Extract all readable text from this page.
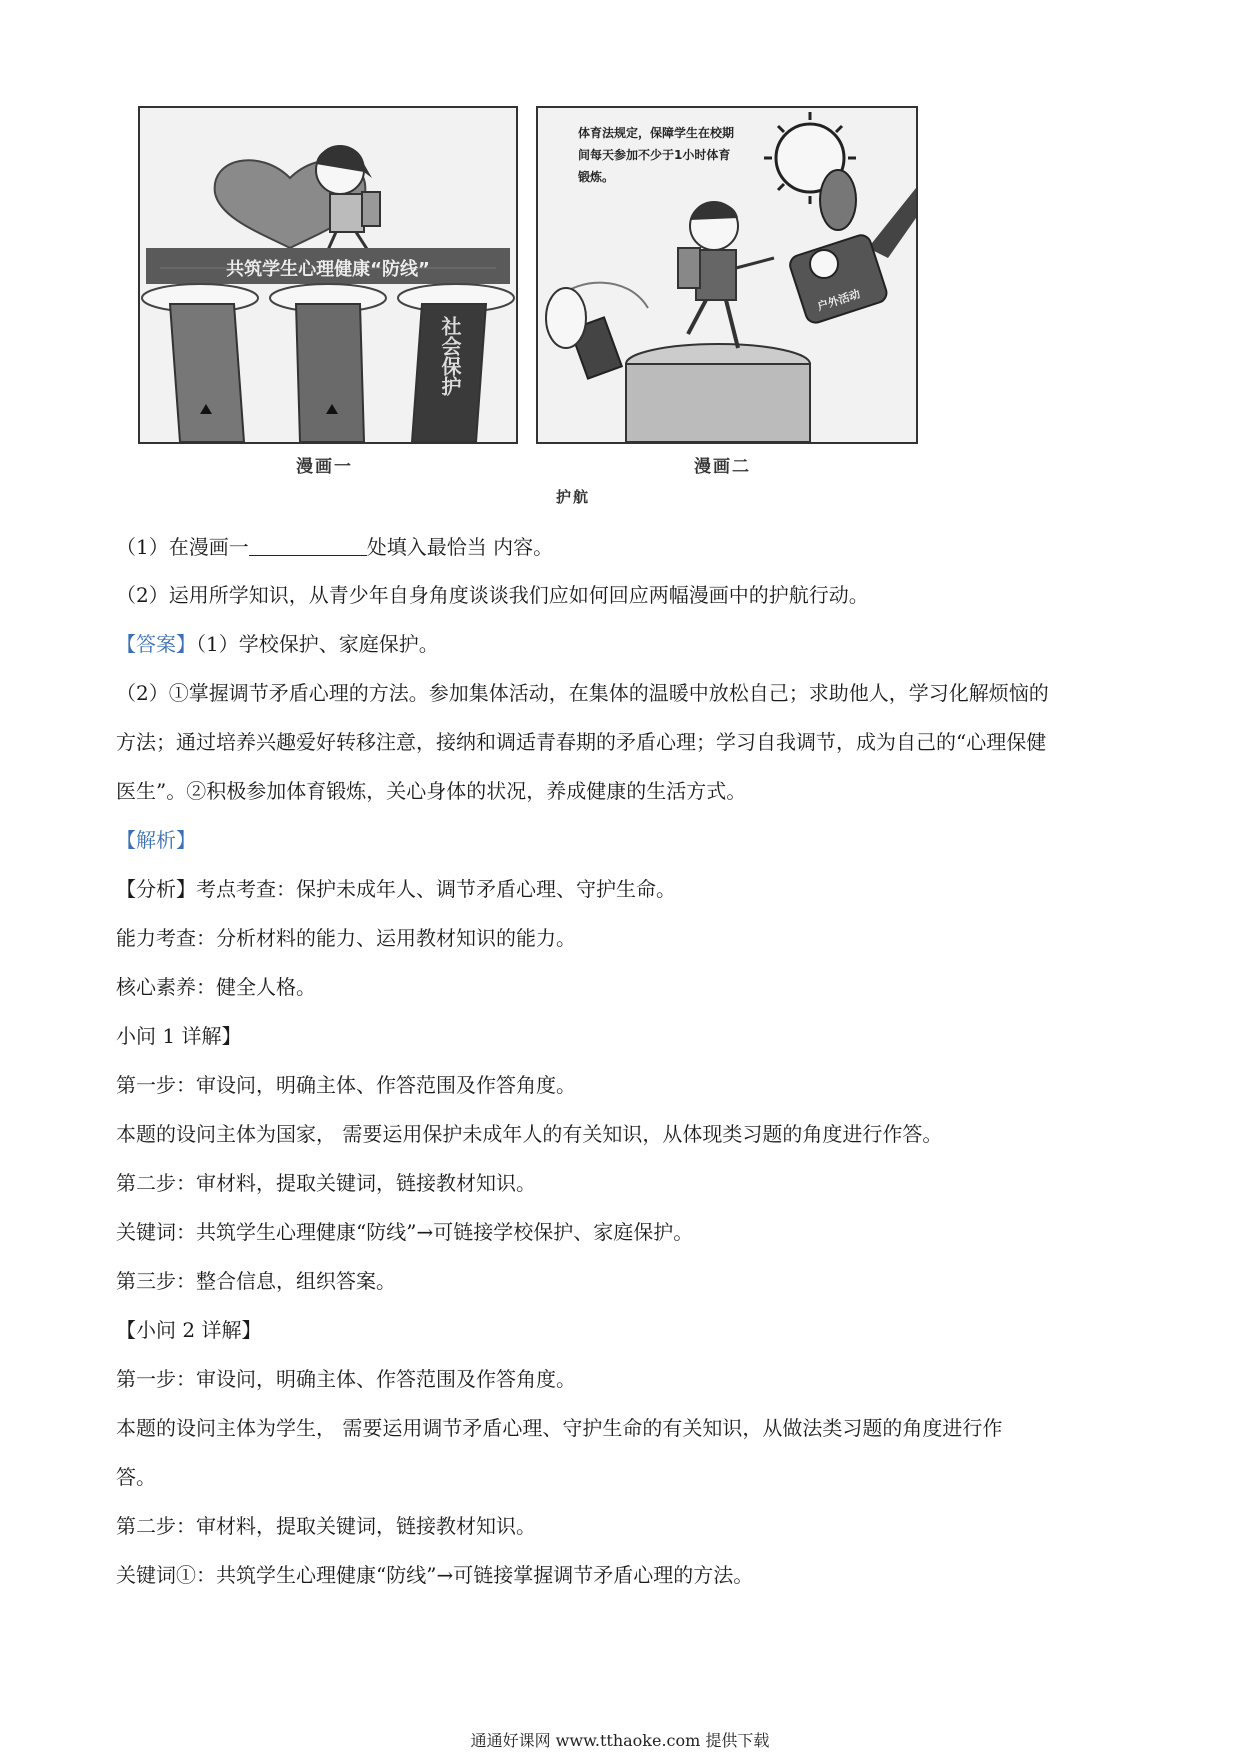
共筑学生心理健康“防线”
社会保护
体育法规定，保障学生在校期间每天参加不少于1小时体育锻炼。
户外活动
漫画一	漫画二
护航
（1）在漫画一	处填入最恰当 内容。
（2）运用所学知识，从青少年自身角度谈谈我们应如何回应两幅漫画中的护航行动。
【答案】（1）学校保护、家庭保护。
（2）①掌握调节矛盾心理的方法。参加集体活动，在集体的温暖中放松自己；求助他人，学习化解烦恼的
方法；通过培养兴趣爱好转移注意，接纳和调适青春期的矛盾心理；学习自我调节，成为自己的“心理保健
医生”。②积极参加体育锻炼，关心身体的状况，养成健康的生活方式。
【解析】
【分析】考点考查：保护未成年人、调节矛盾心理、守护生命。
能力考查：分析材料的能力、运用教材知识的能力。
核心素养：健全人格。
小问 1 详解】
第一步：审设问，明确主体、作答范围及作答角度。
本题的设问主体为国家， 需要运用保护未成年人的有关知识，从体现类习题的角度进行作答。
第二步：审材料，提取关键词，链接教材知识。
关键词：共筑学生心理健康“防线”→可链接学校保护、家庭保护。
第三步：整合信息，组织答案。
【小问 2 详解】
第一步：审设问，明确主体、作答范围及作答角度。
本题的设问主体为学生， 需要运用调节矛盾心理、守护生命的有关知识，从做法类习题的角度进行作
答。
第二步：审材料，提取关键词，链接教材知识。
关键词①：共筑学生心理健康“防线”→可链接掌握调节矛盾心理的方法。
通通好课网 www.tthaoke.com 提供下载
